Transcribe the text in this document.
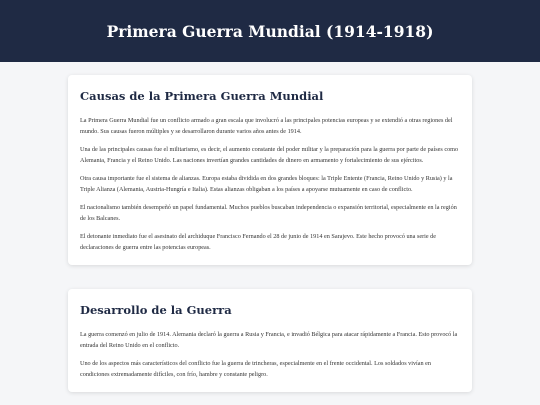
Primera Guerra Mundial (1914-1918)
Causas de la Primera Guerra Mundial

La Primera Guerra Mundial fue un conflicto armado a gran escala que involucró a las principales potencias europeas y se extendió a otras regiones del mundo. Sus causas fueron múltiples y se desarrollaron durante varios años antes de 1914.

Una de las principales causas fue el militarismo, es decir, el aumento constante del poder militar y la preparación para la guerra por parte de países como Alemania, Francia y el Reino Unido. Las naciones invertían grandes cantidades de dinero en armamento y fortalecimiento de sus ejércitos.

Otra causa importante fue el sistema de alianzas. Europa estaba dividida en dos grandes bloques: la Triple Entente (Francia, Reino Unido y Rusia) y la Triple Alianza (Alemania, Austria-Hungría e Italia). Estas alianzas obligaban a los países a apoyarse mutuamente en caso de conflicto.

El nacionalismo también desempeñó un papel fundamental. Muchos pueblos buscaban independencia o expansión territorial, especialmente en la región de los Balcanes.

El detonante inmediato fue el asesinato del archiduque Francisco Fernando el 28 de junio de 1914 en Sarajevo. Este hecho provocó una serie de declaraciones de guerra entre las potencias europeas.

Desarrollo de la Guerra

La guerra comenzó en julio de 1914. Alemania declaró la guerra a Rusia y Francia, e invadió Bélgica para atacar rápidamente a Francia. Esto provocó la entrada del Reino Unido en el conflicto.

Uno de los aspectos más característicos del conflicto fue la guerra de trincheras, especialmente en el frente occidental. Los soldados vivían en condiciones extremadamente difíciles, con frío, hambre y constante peligro.
